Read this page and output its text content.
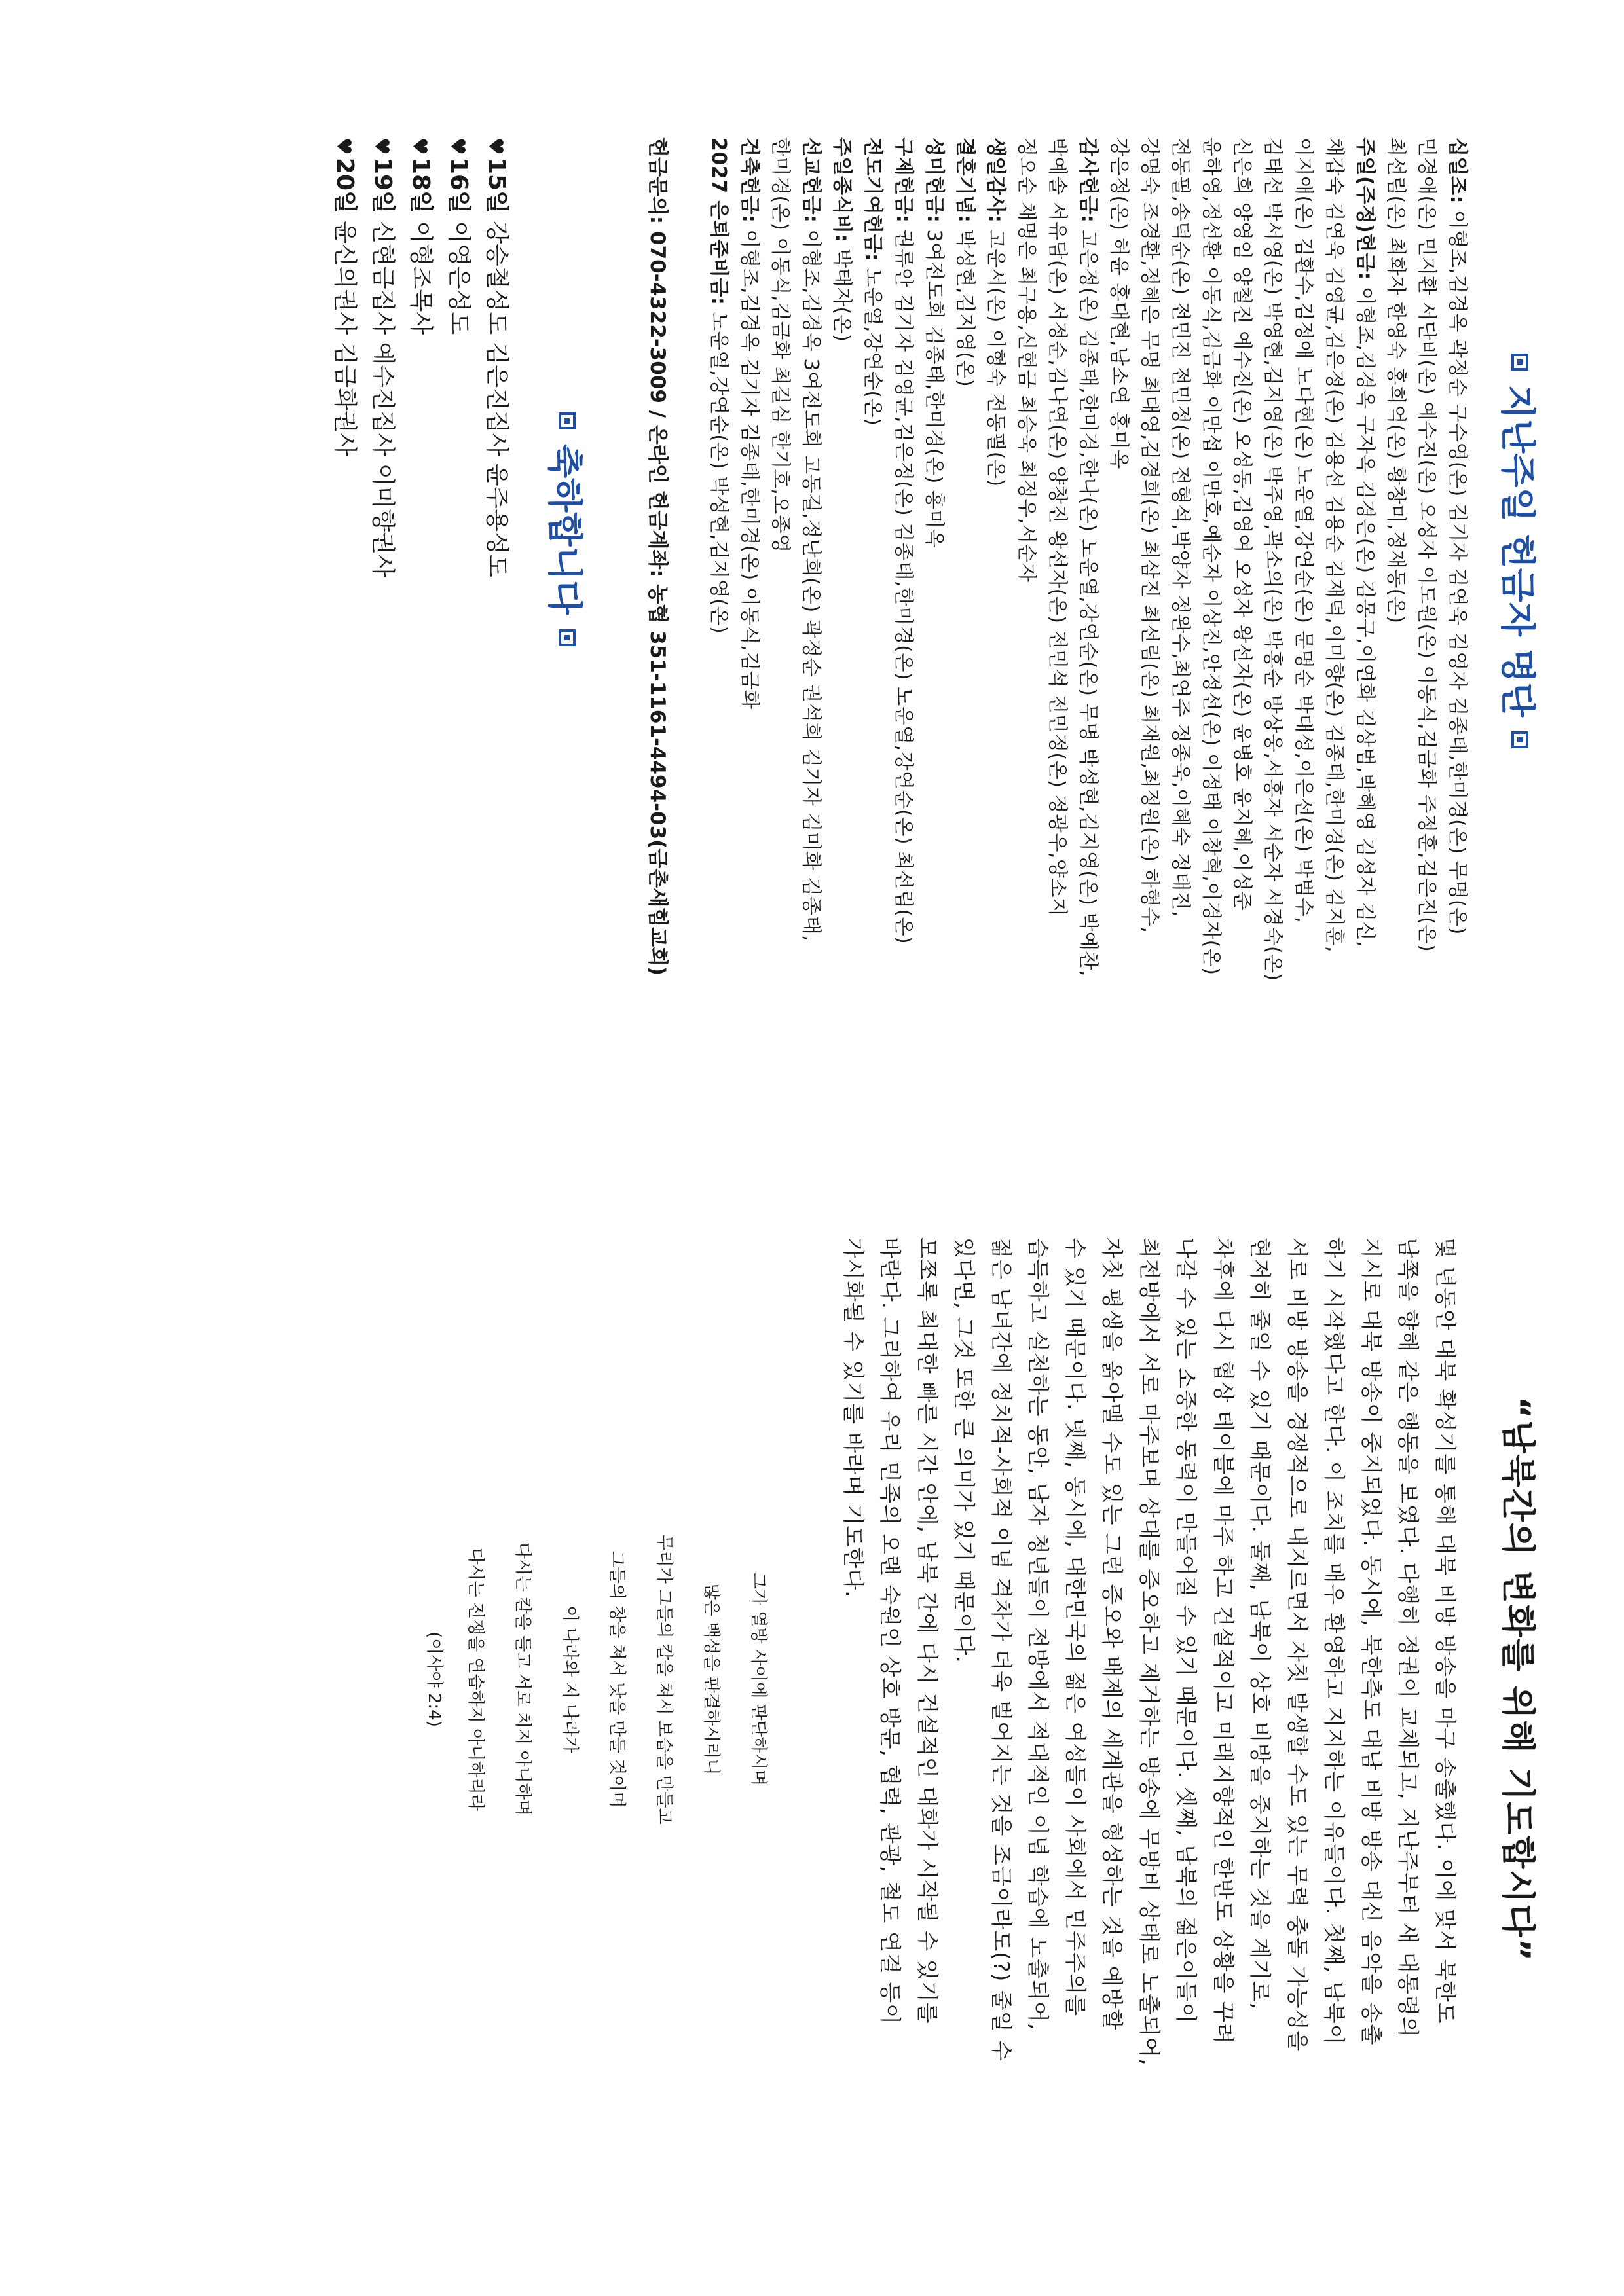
지난주일 헌금자 명단
십일조: 이형조,김경옥 곽정순 구수영(온) 김기자 김연욱 김영자 김종태,한미경(온) 무명(온)
민경애(온) 민지환 서단비(온) 예수진(온) 오성자 이도원(온) 이동식,김금화 주정훈,김은진(온)
최선림(온) 최화자 한영숙 홍희억(온) 황창미,정재동(온)
주일(주정)헌금: 이형조,김경옥 구자옥 김경은(온) 김몽구,이연화 김상범,박혜영 김성자 김신,
채갑숙 김연욱 김영균,김은정(온) 김용선 김용순 김재덕,이미향(온) 김종태,한미경(온) 김지훈,
이지애(온) 김환수,김정애 노다현(온) 노운열,강연순(온) 문명순 박대성,이은선(온) 박범수,
김태선 박서영(온) 박영현,김지영(온) 박주영,곽소의(온) 박홍순 방상웅,서홍자 서순자 서경숙(온)
신은희 양영임 양철진 예수진(온) 오성동,김영여 오성자 왕선자(온) 윤병호 윤지혜,이성준
윤하영,정선환 이동식,김금화 이만섭 이만호,예순자 이상진,안정선(온) 이정태 이창혁,이경자(온)
전동필,송덕순(온) 전민진 전민정(온) 전형석,박양자 정완수,최연주 정종욱,이혜숙 정태진,
강명숙 조경환,정혜은 무명 최대영,김경희(온) 최삼진 최선림(온) 최재원,최정원(온) 하형수,
강은정(온) 허윤 홍대현,남소연 홍미옥
감사헌금: 고은정(온) 김종태,한미경,한나(온) 노운열,강연순(온) 무명 박성현,김지영(온) 박예찬,
박예솔 서유담(온) 서정순,김나연(온) 양창진 왕선자(온) 전민석 전민정(온) 정광우,양소지
정오순 채명은 최구용,신현금 최승욱 최정우,서순자
생일감사: 고운서(온) 이형숙 전동필(온)
결혼기념: 박성현,김지영(온)
성미헌금: 3여전도회 김종태,한미경(온) 홍미옥
구제헌금: 권류안 김기자 김영균,김은정(온) 김종태,한미경(온) 노운열,강연순(온) 최선림(온)
전도기여헌금: 노운열,강연순(온)
주일종식비: 박태자(온)
선교헌금: 이형조,김경옥 3여전도회 고동길,정난희(온) 곽정순 권석희 김기자 김미화 김종태,
한미경(온) 이동식,김금화 최길심 한기호,오종영
건축헌금: 이형조,김경옥 김기자 김종태,한미경(온) 이동식,김금화
2027 은퇴준비금: 노운열,강연순(온) 박성현,김지영(온)
헌금문의: 070-4322-3009 / 온라인 헌금계좌: 농협 351-1161-4494-03(금촌새힘교회)
축하합니다
♥15일 강승철성도 김은진집사 윤주용성도
♥16일 이영은성도
♥18일 이형조목사
♥19일 신현금집사 예수진집사 이미향권사
♥20일 윤신의권사 김금화권사
“남북간의 변화를 위해 기도합시다”
몇 년동안 대북 확성기를 통해 대북 비방 방송을 마구 송출했다. 이에 맞서 북한도
남쪽을 향해 같은 행동을 보였다. 다행히 정권이 교체되고, 지난주부터 새 대통령의
지시로 대북 방송이 중지되었다. 동시에, 북한측도 대남 비방 방송 대신 음악을 송출
하기 시작했다고 한다. 이 조치를 매우 환영하고 지지하는 이유들이다. 첫째, 남북이
서로 비방 방송을 경쟁적으로 내지르면서 자칫 발생할 수도 있는 무력 충돌 가능성을
현저히 줄일 수 있기 때문이다. 둘째, 남북이 상호 비방을 중지하는 것을 계기로,
차후에 다시 협상 테이블에 마주 하고 건설적이고 미래지향적인 한반도 상황을 꾸려
나갈 수 있는 소중한 동력이 만들어질 수 있기 때문이다. 셋째, 남북의 젊은이들이
최전방에서 서로 마주보며 상대를 증오하고 제거하는 방송에 무방비 상태로 노출되어,
자칫 평생을 옭아맬 수도 있는 그런 증오와 배제의 세계관을 형성하는 것을 예방할
수 있기 때문이다. 넷째, 동시에, 대한민국의 젊은 여성들이 사회에서 민주주의를
습득하고 실천하는 동안, 남자 청년들이 전방에서 적대적인 이념 학습에 노출되어,
젊은 남녀간에 정치적-사회적 이념 격차가 더욱 벌어지는 것을 조금이라도(?) 줄일 수
있다면, 그것 또한 큰 의미가 있기 때문이다.
모쪼록 최대한 빠른 시간 안에, 남북 간에 다시 건설적인 대화가 시작될 수 있기를
바란다. 그리하여 우리 민족의 오랜 숙원인 상호 방문, 협력, 관광, 철도 연결 등이
가시화될 수 있기를 바라며 기도한다.
그가 열방 사이에 판단하시며
많은 백성을 판결하시리니
무리가 그들의 칼을 쳐서 보습을 만들고
그들의 창을 쳐서 낫을 만들 것이며
이 나라와 저 나라가
다시는 칼을 들고 서로 치지 아니하며
다시는 전쟁을 연습하지 아니하리라
(이사야 2:4)
